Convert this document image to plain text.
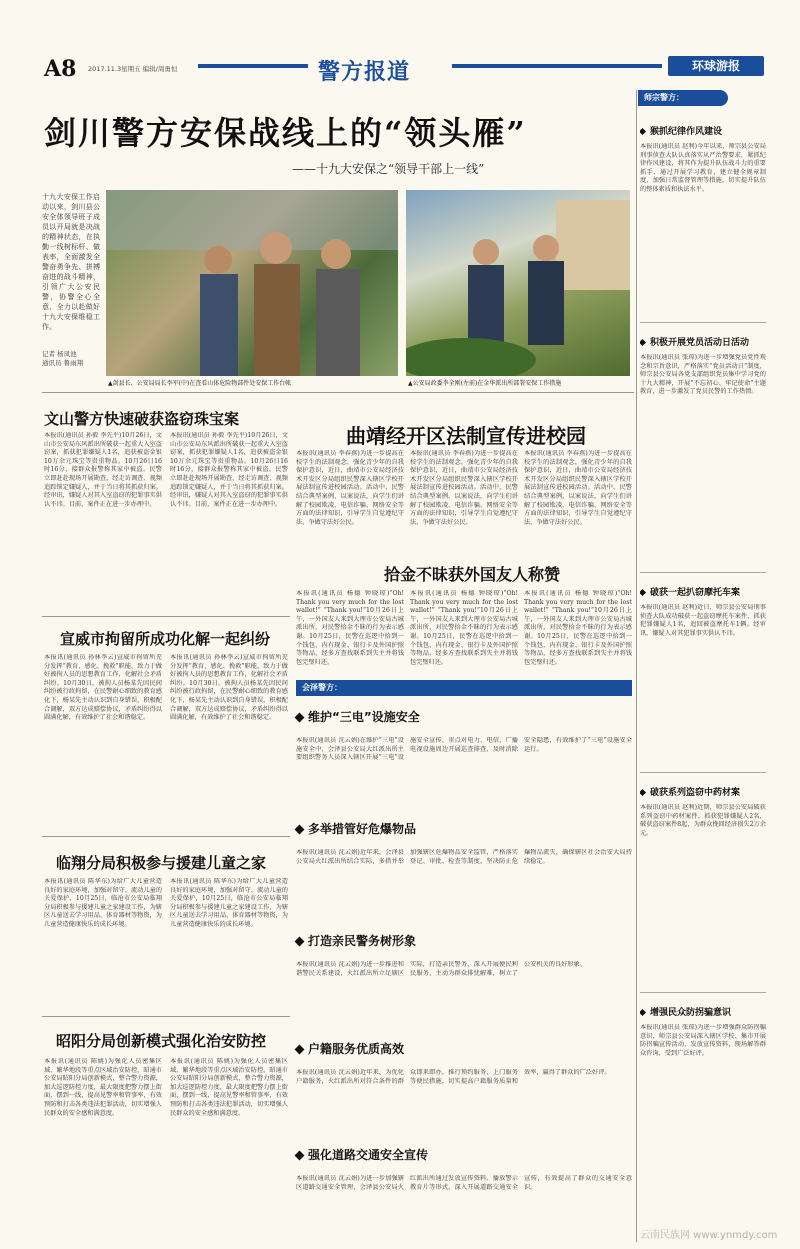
A8 2017.11.3星期五 编辑/周勇恒	警方报道	环球游报
师宗警方：
剑川警方安保战线上的“领头雁”
——十九大安保之“领导干部上一线”
十九大安保工作启动以来，剑川县公安全体领导班子成员以开局就是决战的精神状态，在执勤一线树标杆、做表率，全面激发全警奋勇争先、拼搏奋进的战斗精神，引领广大公安民警，协警全心全意、全力以赴做好十九大安保维稳工作。
记者 杨凤池
通讯员 鲁雨翔
▲剑县长、公安局局长李军(中)在查看山体危险物部件处安保工作台帐	▲公安局政委李全刚(左前)在金华派出所部署安保工作措施
文山警方快速破获盗窃珠宝案
本报讯(通讯员 孙毅 李先平)10月26日，文山市公安局东风派出所破获一起重大入室盗窃案，抓获犯罪嫌疑人1名，追获被盗金银10万余元珠宝等贵重物品。10月26日16时16分，接群众报警称其家中被盗。民警立即赶赴现场开展勘查，经走访调查、视频追踪锁定嫌疑人，并于当日将其抓获归案。经审讯，嫌疑人对其入室盗窃的犯罪事实供认不讳。目前，案件正在进一步办理中。
本报讯(通讯员 孙毅 李先平)10月26日，文山市公安局东风派出所破获一起重大入室盗窃案，抓获犯罪嫌疑人1名，追获被盗金银10万余元珠宝等贵重物品。10月26日16时16分，接群众报警称其家中被盗。民警立即赶赴现场开展勘查，经走访调查、视频追踪锁定嫌疑人，并于当日将其抓获归案。经审讯，嫌疑人对其入室盗窃的犯罪事实供认不讳。目前，案件正在进一步办理中。
宣威市拘留所成功化解一起纠纷
本报讯(通讯员 孙林李云)宣威市拘留所充分发挥“教育、感化、挽救”职能，致力于做好被拘人员的思想教育工作，化解社会矛盾纠纷。10月30日，被拘人员杨某先因民间纠纷被行政拘留，在民警耐心细致的教育感化下，杨某先主动认识到自身错误，积极配合调解，双方达成赔偿协议，矛盾纠纷得以圆满化解，有效维护了社会和谐稳定。
本报讯(通讯员 孙林李云)宣威市拘留所充分发挥“教育、感化、挽救”职能，致力于做好被拘人员的思想教育工作，化解社会矛盾纠纷。10月30日，被拘人员杨某先因民间纠纷被行政拘留，在民警耐心细致的教育感化下，杨某先主动认识到自身错误，积极配合调解，双方达成赔偿协议，矛盾纠纷得以圆满化解，有效维护了社会和谐稳定。
临翔分局积极参与援建儿童之家
本报讯(通讯员 陈华东)为给广大儿童营造良好的家庭环境，加强对留守、流动儿童的关爱保护，10月25日，临沧市公安局临翔分局积极参与援建儿童之家建设工作，为辖区儿童送去学习用品、体育器材等物资，为儿童营造健康快乐的成长环境。
本报讯(通讯员 陈华东)为给广大儿童营造良好的家庭环境，加强对留守、流动儿童的关爱保护，10月25日，临沧市公安局临翔分局积极参与援建儿童之家建设工作，为辖区儿童送去学习用品、体育器材等物资，为儿童营造健康快乐的成长环境。
昭阳分局创新模式强化治安防控
本报讯(通讯员 陈姚)为强化人员密集区域、繁华地段等重点区域治安防控，昭通市公安局昭阳分局创新模式，整合警力资源，加大巡逻防控力度，最大限度把警力摆上街面、摆到一线，提高见警率和管事率，有效预防和打击各类违法犯罪活动，切实增强人民群众的安全感和满意度。
本报讯(通讯员 陈姚)为强化人员密集区域、繁华地段等重点区域治安防控，昭通市公安局昭阳分局创新模式，整合警力资源，加大巡逻防控力度，最大限度把警力摆上街面、摆到一线，提高见警率和管事率，有效预防和打击各类违法犯罪活动，切实增强人民群众的安全感和满意度。
曲靖经开区法制宣传进校园
本报讯(通讯员 李春燕)为进一步提高在校学生的法制观念，强化青少年的自我保护意识，近日，曲靖市公安局经济技术开发区分局组织民警深入辖区学校开展法制宣传进校园活动。活动中，民警结合典型案例，以案说法，向学生们讲解了校园欺凌、电信诈骗、网络安全等方面的法律知识，引导学生自觉遵纪守法，争做守法好公民。
本报讯(通讯员 李春燕)为进一步提高在校学生的法制观念，强化青少年的自我保护意识，近日，曲靖市公安局经济技术开发区分局组织民警深入辖区学校开展法制宣传进校园活动。活动中，民警结合典型案例，以案说法，向学生们讲解了校园欺凌、电信诈骗、网络安全等方面的法律知识，引导学生自觉遵纪守法，争做守法好公民。
本报讯(通讯员 李春燕)为进一步提高在校学生的法制观念，强化青少年的自我保护意识，近日，曲靖市公安局经济技术开发区分局组织民警深入辖区学校开展法制宣传进校园活动。活动中，民警结合典型案例，以案说法，向学生们讲解了校园欺凌、电信诈骗、网络安全等方面的法律知识，引导学生自觉遵纪守法，争做守法好公民。
拾金不昧获外国友人称赞
本报讯(通讯员 杨德 钟晓琼)“Oh! Thank you very much for the lost wallet!” “Thank you!”10月26日上午，一外国友人来到大理市公安局古城派出所，对民警拾金不昧的行为表示感谢。10月25日，民警在巡逻中拾到一个钱包，内有现金、银行卡及外国护照等物品，经多方查找联系到失主并将钱包完璧归还。
本报讯(通讯员 杨德 钟晓琼)“Oh! Thank you very much for the lost wallet!” “Thank you!”10月26日上午，一外国友人来到大理市公安局古城派出所，对民警拾金不昧的行为表示感谢。10月25日，民警在巡逻中拾到一个钱包，内有现金、银行卡及外国护照等物品，经多方查找联系到失主并将钱包完璧归还。
本报讯(通讯员 杨德 钟晓琼)“Oh! Thank you very much for the lost wallet!” “Thank you!”10月26日上午，一外国友人来到大理市公安局古城派出所，对民警拾金不昧的行为表示感谢。10月25日，民警在巡逻中拾到一个钱包，内有现金、银行卡及外国护照等物品，经多方查找联系到失主并将钱包完璧归还。
会泽警方：
维护“三电”设施安全
本报讯(通讯员 沈云娟)在维护“三电”设施安全中，会泽县公安局大红派出所主要组织警务人员深入辖区开展“三电”设施安全宣传，重点对电力、电信、广播电视设施周边开展巡查排查，及时消除安全隐患，有效维护了“三电”设施安全运行。
多举措管好危爆物品
本报讯(通讯员 沈云娟)近年来，会泽县公安局火红派出所结合实际，多措并举加强辖区危爆物品安全监管，严格落实登记、审批、检查等制度，坚决防止危爆物品流失，确保辖区社会治安大局持续稳定。
打造亲民警务树形象
本报讯(通讯员 沈云娟)为进一步推进和谐警民关系建设，火红派出所立足辖区实际，打造亲民警务，深入开展便民利民服务，主动为群众排忧解难，树立了公安机关的良好形象。
户籍服务优质高效
本报讯(通讯员 沈云娟)近年来，为优化户籍服务，火红派出所对符合条件的群众即来即办，推行预约服务、上门服务等便民措施，切实提高户籍服务质量和效率，赢得了群众的广泛好评。
强化道路交通安全宣传
本报讯(通讯员 沈云娟)为进一步加强辖区道路交通安全管理，会泽县公安局火红派出所通过发放宣传资料、播放警示教育片等形式，深入开展道路交通安全宣传，有效提高了群众的交通安全意识。
猴抓纪律作风建设
本报讯(通讯员 赵利)今年以来，师宗县公安局刑事侦查大队认真落实从严治警要求，紧抓纪律作风建设，将其作为提升队伍战斗力的重要抓手，通过开展学习教育、建立健全规章制度、加强日常监督管理等措施，切实提升队伍的整体素质和执法水平。
积极开展党员活动日活动
本报讯(通讯员 张琼)为进一步增强党员党性观念和宗旨意识，严格落实“党员活动日”制度，师宗县公安局各党支部组织党员集中学习党的十九大精神，开展“不忘初心、牢记使命”主题教育，进一步激发了党员民警的工作热情。
破获一起扒窃摩托车案
本报讯(通讯员 赵利)近日，师宗县公安局刑事侦查大队成功破获一起盗窃摩托车案件，抓获犯罪嫌疑人1名，追回被盗摩托车1辆。经审讯，嫌疑人对其犯罪事实供认不讳。
破获系列盗窃中药材案
本报讯(通讯员 赵利)近期，师宗县公安局破获系列盗窃中药材案件，抓获犯罪嫌疑人2名，破获盗窃案件8起，为群众挽回经济损失2万余元。
增强民众防拐骗意识
本报讯(通讯员 张琼)为进一步增强群众防拐骗意识，师宗县公安局深入辖区学校、集市开展防拐骗宣传活动，发放宣传资料，现场解答群众咨询，受到广泛好评。
云南民族网 www.ynmdy.com
